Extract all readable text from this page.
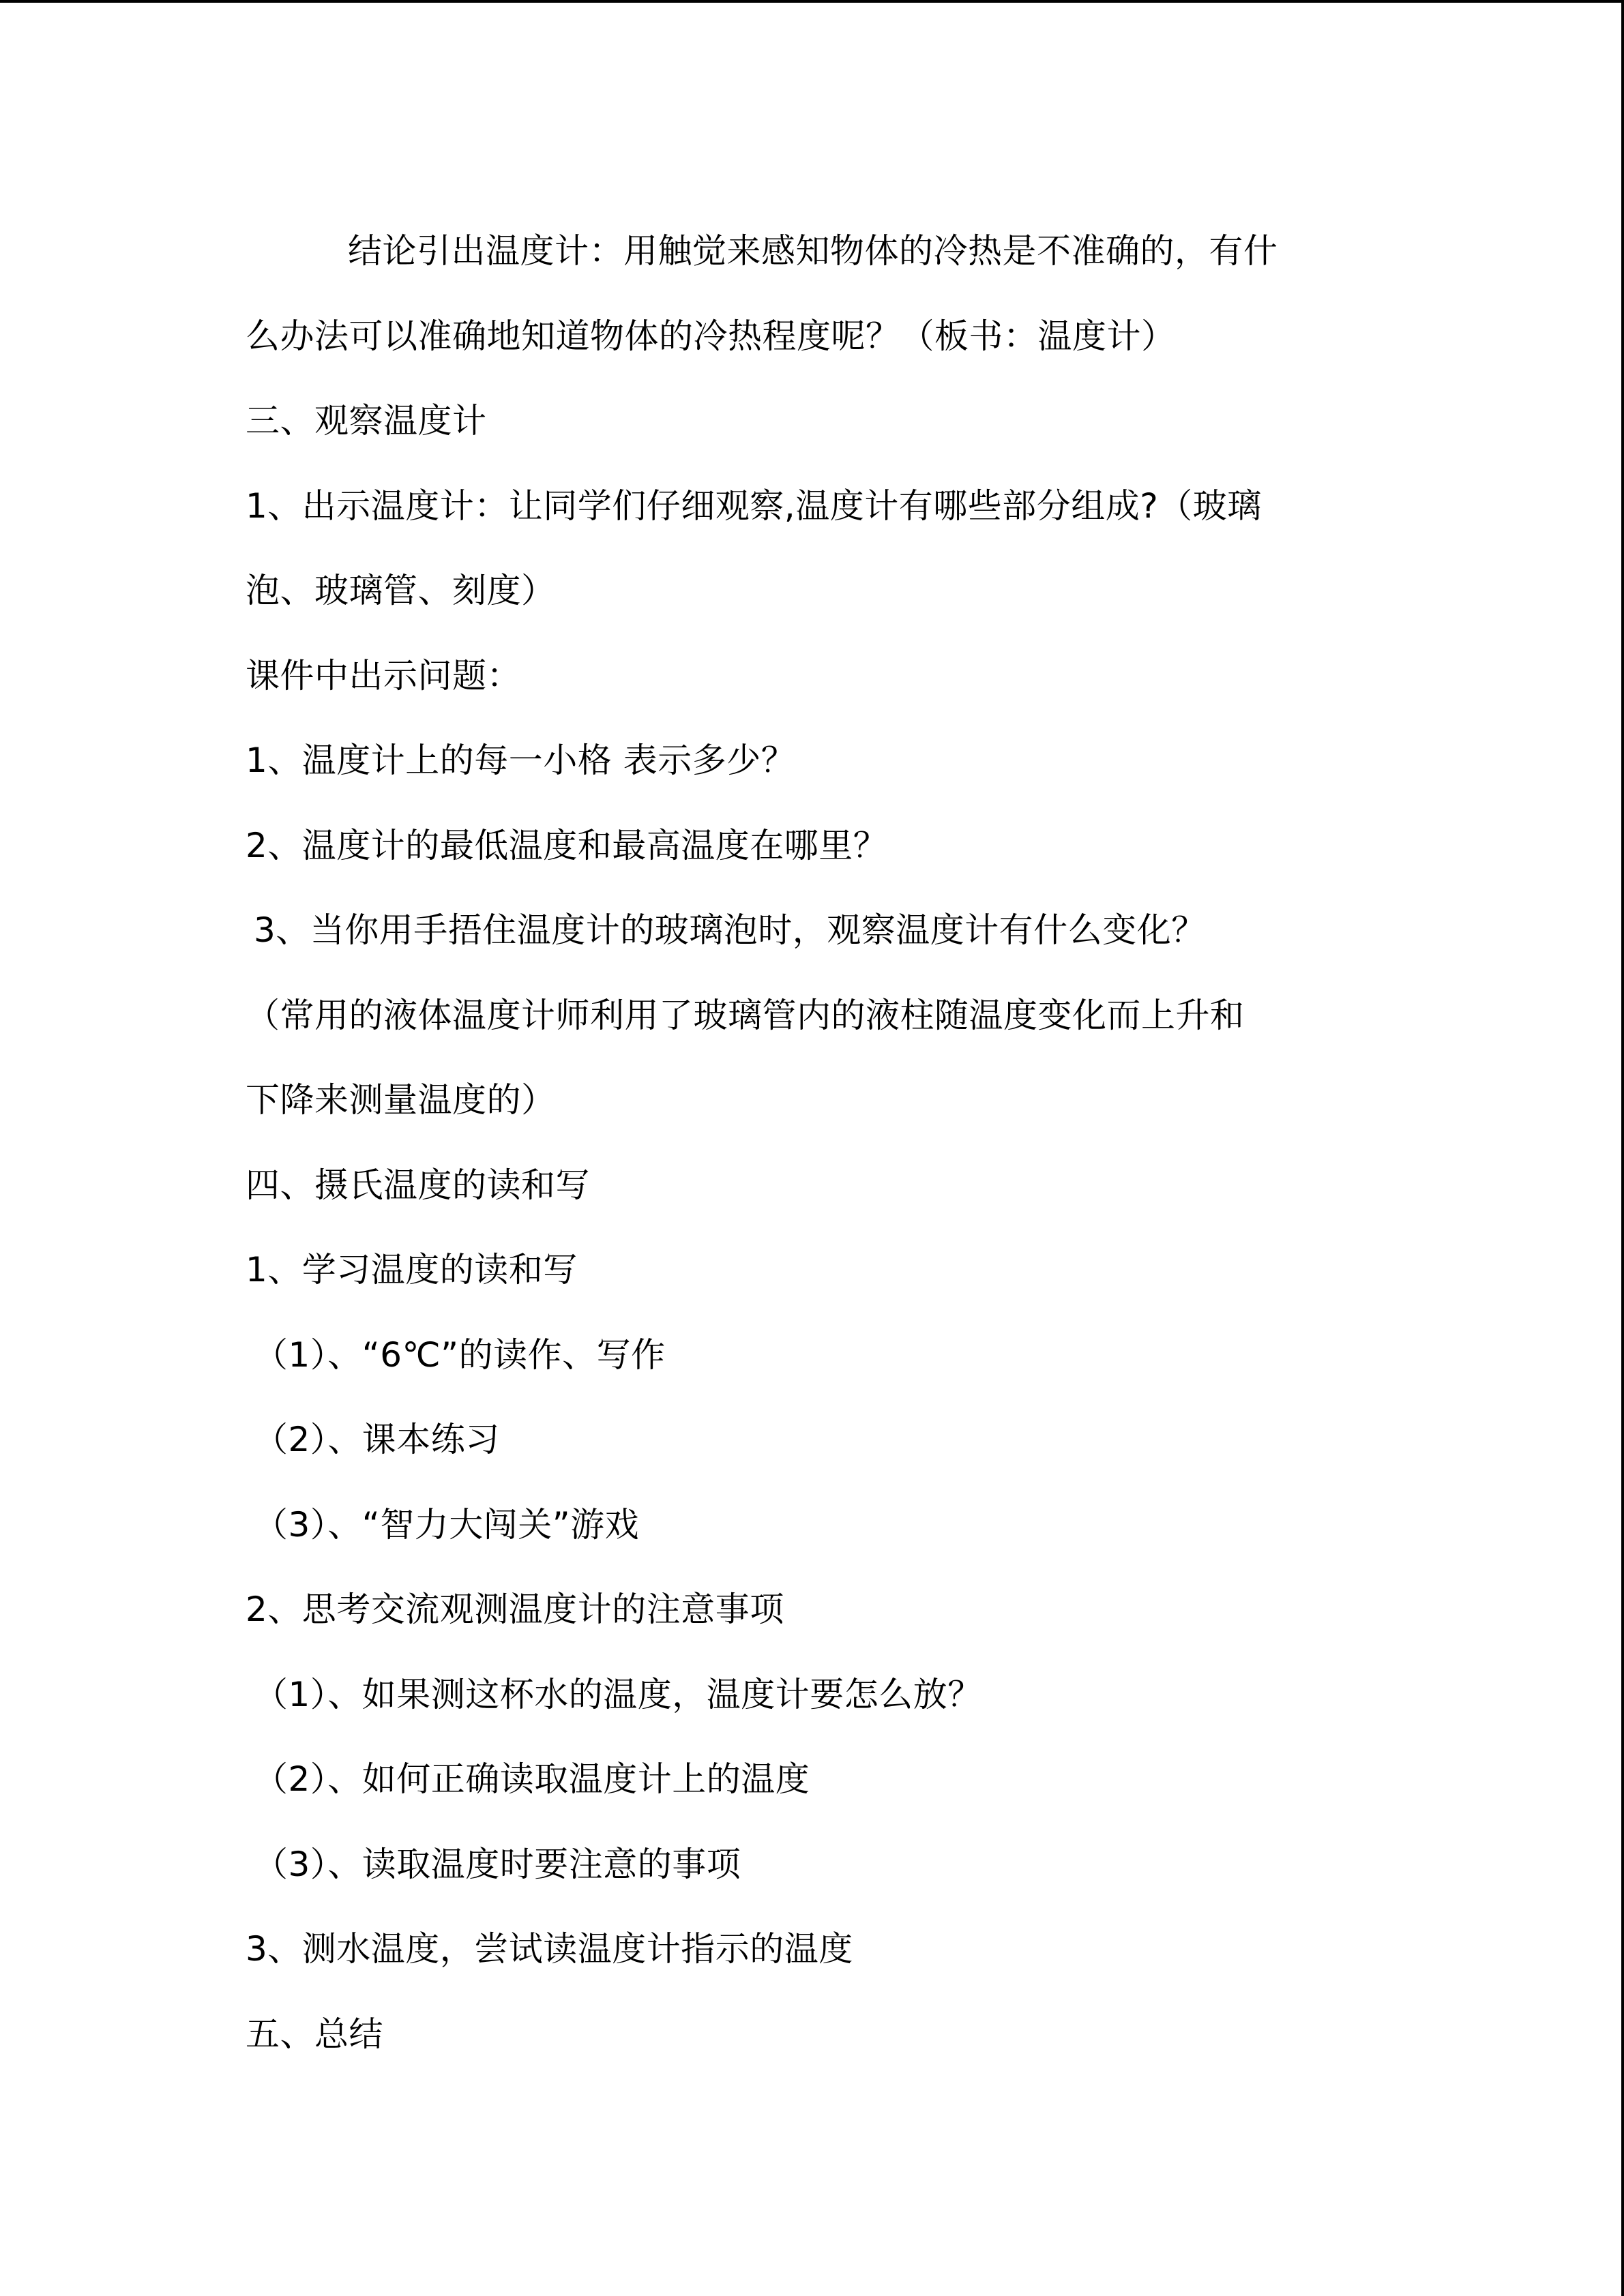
结论引出温度计：用触觉来感知物体的冷热是不准确的，有什
么办法可以准确地知道物体的冷热程度呢？（板书：温度计）
三、观察温度计
1、出示温度计：让同学们仔细观察,温度计有哪些部分组成?（玻璃
泡、玻璃管、刻度）
课件中出示问题：
1、温度计上的每一小格 表示多少？
2、温度计的最低温度和最高温度在哪里？
3、当你用手捂住温度计的玻璃泡时，观察温度计有什么变化？
（常用的液体温度计师利用了玻璃管内的液柱随温度变化而上升和
下降来测量温度的）
四、摄氏温度的读和写
1、学习温度的读和写
（1）、“6℃”的读作、写作
（2）、课本练习
（3）、“智力大闯关”游戏
2、思考交流观测温度计的注意事项
（1）、如果测这杯水的温度，温度计要怎么放？
（2）、如何正确读取温度计上的温度
（3）、读取温度时要注意的事项
3、测水温度，尝试读温度计指示的温度
五、总结
